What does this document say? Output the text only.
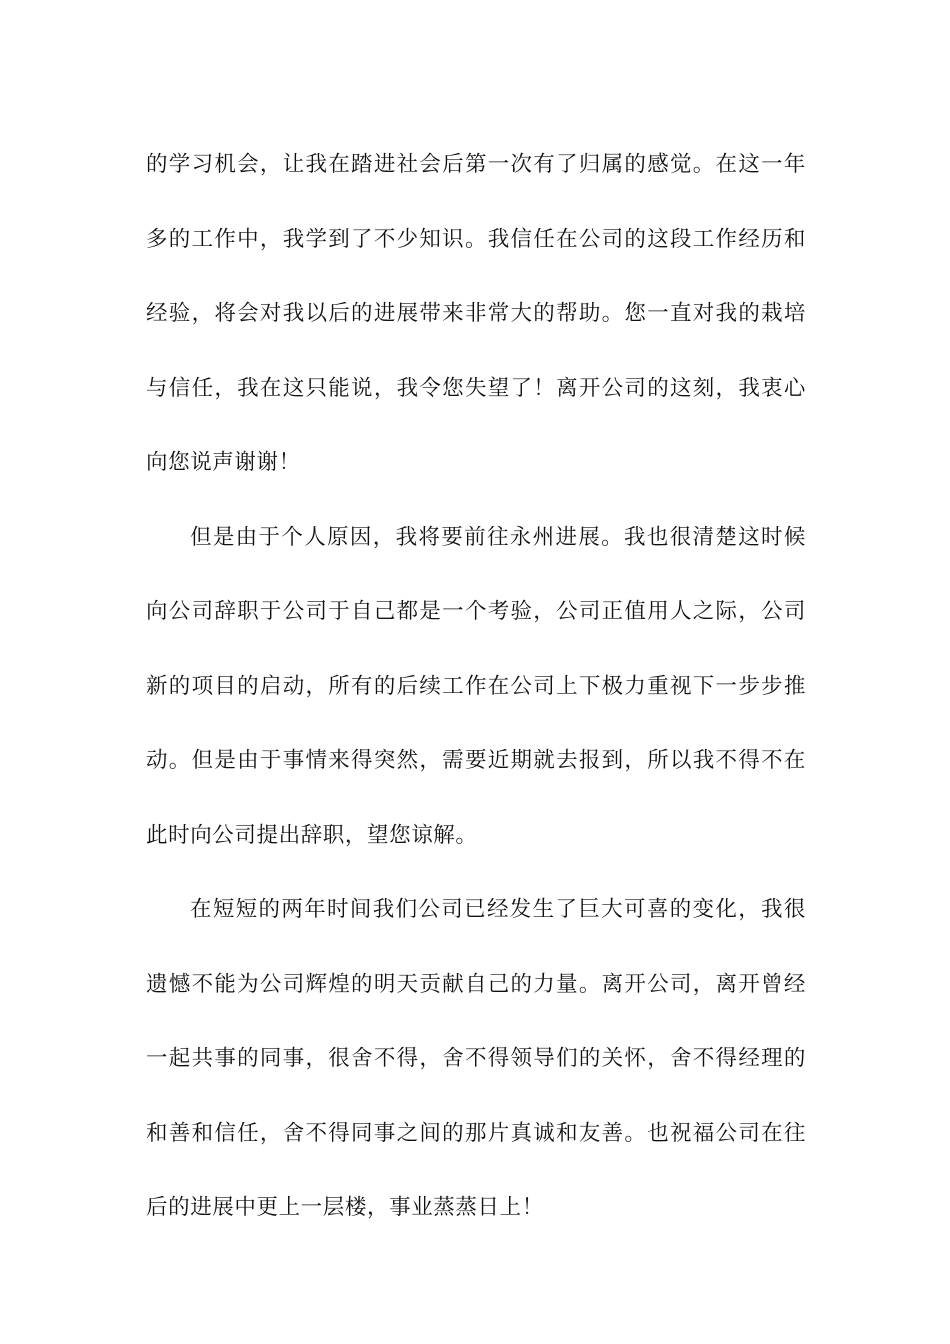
的学习机会，让我在踏进社会后第一次有了归属的感觉。在这一年多的工作中，我学到了不少知识。我信任在公司的这段工作经历和经验，将会对我以后的进展带来非常大的帮助。您一直对我的栽培与信任，我在这只能说，我令您失望了！离开公司的这刻，我衷心向您说声谢谢！

但是由于个人原因，我将要前往永州进展。我也很清楚这时候向公司辞职于公司于自己都是一个考验，公司正值用人之际，公司新的项目的启动，所有的后续工作在公司上下极力重视下一步步推动。但是由于事情来得突然，需要近期就去报到，所以我不得不在此时向公司提出辞职，望您谅解。

在短短的两年时间我们公司已经发生了巨大可喜的变化，我很遗憾不能为公司辉煌的明天贡献自己的力量。离开公司，离开曾经一起共事的同事，很舍不得，舍不得领导们的关怀，舍不得经理的和善和信任，舍不得同事之间的那片真诚和友善。也祝福公司在往后的进展中更上一层楼，事业蒸蒸日上！
